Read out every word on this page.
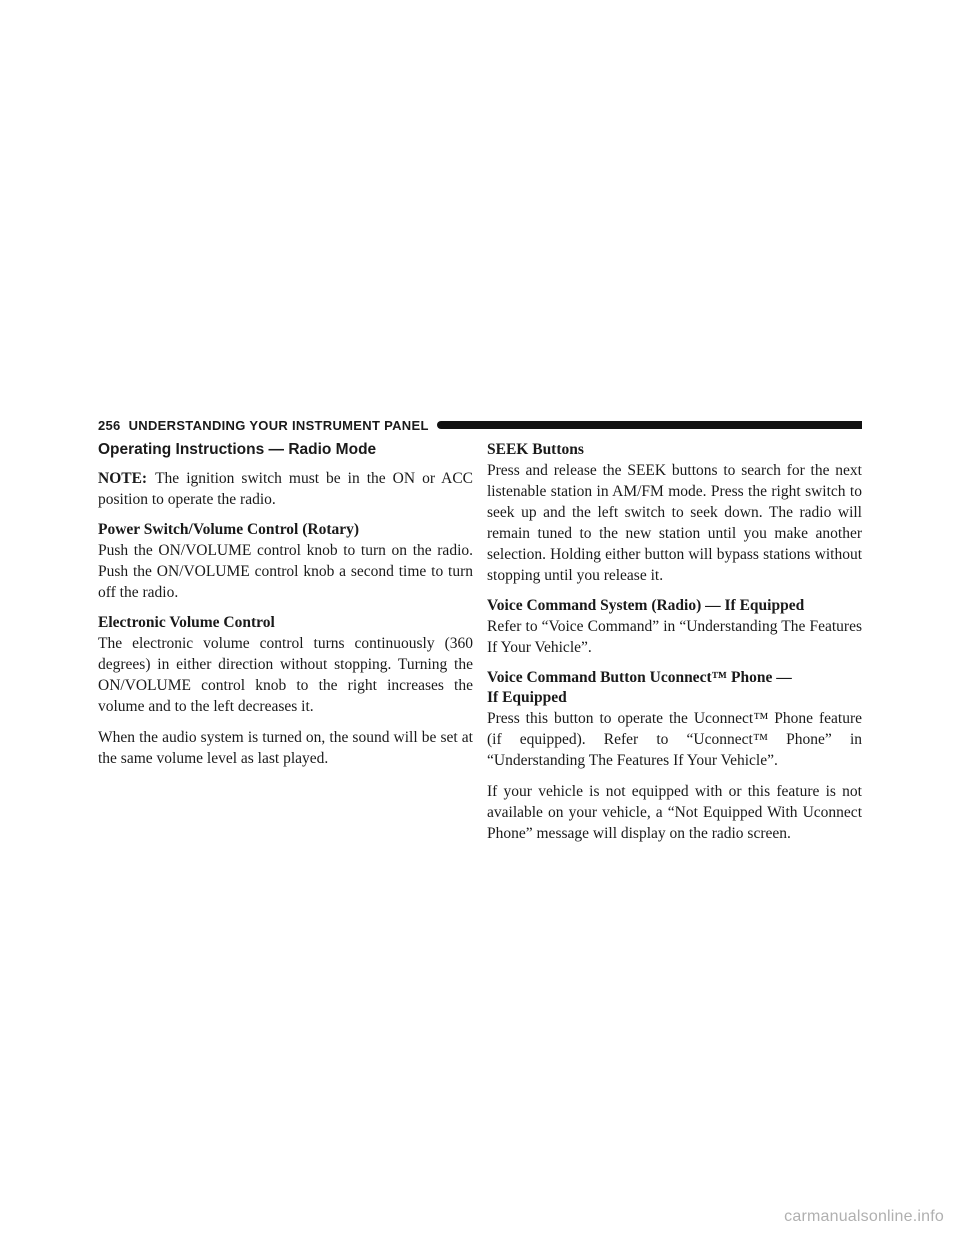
256 UNDERSTANDING YOUR INSTRUMENT PANEL
Operating Instructions — Radio Mode

NOTE: The ignition switch must be in the ON or ACC position to operate the radio.

Power Switch/Volume Control (Rotary)

Push the ON/VOLUME control knob to turn on the radio. Push the ON/VOLUME control knob a second time to turn off the radio.

Electronic Volume Control

The electronic volume control turns continuously (360 degrees) in either direction without stopping. Turning the ON/VOLUME control knob to the right increases the volume and to the left decreases it.

When the audio system is turned on, the sound will be set at the same volume level as last played.

SEEK Buttons

Press and release the SEEK buttons to search for the next listenable station in AM/FM mode. Press the right switch to seek up and the left switch to seek down. The radio will remain tuned to the new station until you make another selection. Holding either button will bypass stations without stopping until you release it.

Voice Command System (Radio) — If Equipped

Refer to “Voice Command” in “Understanding The Features If Your Vehicle”.

Voice Command Button Uconnect™ Phone —
If Equipped

Press this button to operate the Uconnect™ Phone feature (if equipped). Refer to “Uconnect™ Phone” in “Understanding The Features If Your Vehicle”.

If your vehicle is not equipped with or this feature is not available on your vehicle, a “Not Equipped With Uconnect Phone” message will display on the radio screen.

carmanualsonline.info
